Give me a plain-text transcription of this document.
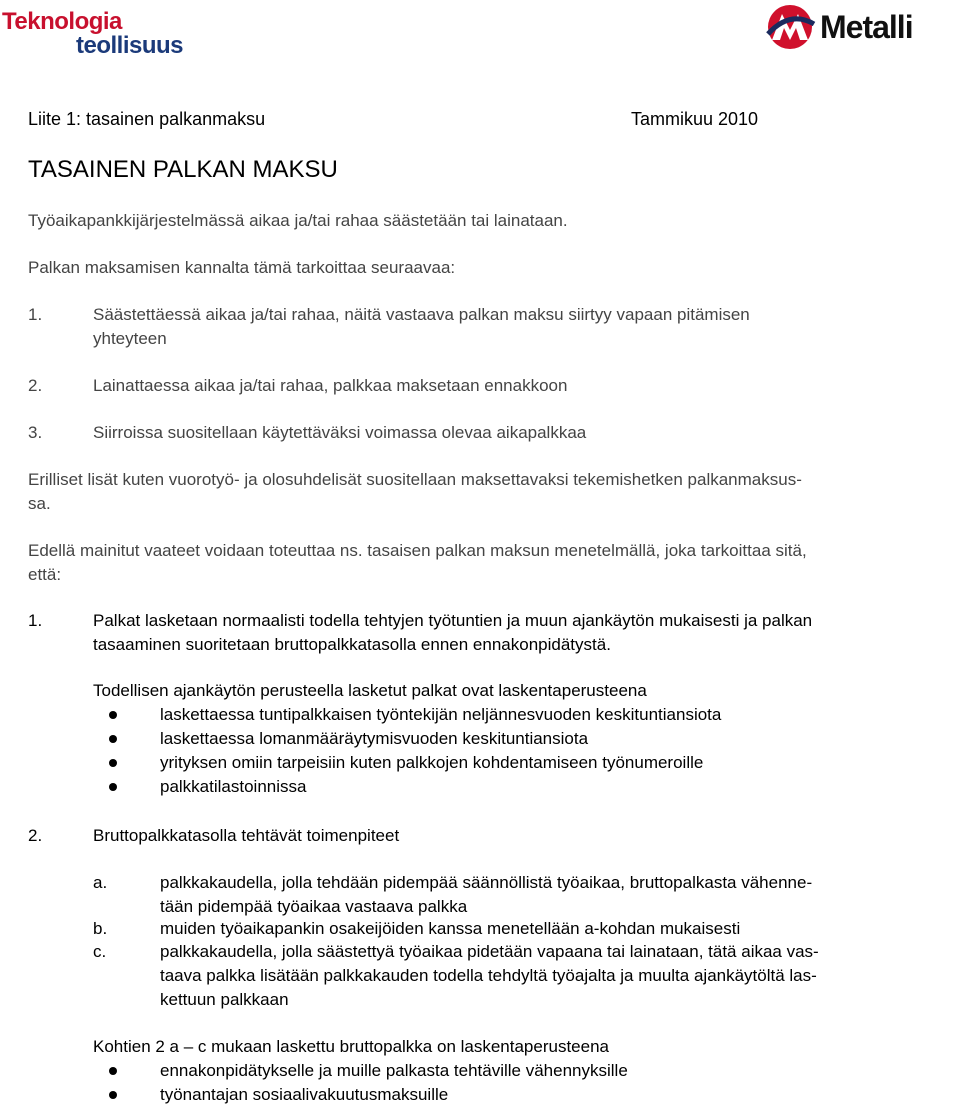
Teknologia
teollisuus
Metalli
Liite 1: tasainen palkanmaksu	Tammikuu 2010
TASAINEN PALKAN MAKSU
Työaikapankkijärjestelmässä aikaa ja/tai rahaa säästetään tai lainataan.
Palkan maksamisen kannalta tämä tarkoittaa seuraavaa:
1.	Säästettäessä aikaa ja/tai rahaa, näitä vastaava palkan maksu siirtyy vapaan pitämisen
yhteyteen
2.	Lainattaessa aikaa ja/tai rahaa, palkkaa maksetaan ennakkoon
3.	Siirroissa suositellaan käytettäväksi voimassa olevaa aikapalkkaa
Erilliset lisät kuten vuorotyö- ja olosuhdelisät suositellaan maksettavaksi tekemishetken palkanmaksus-
sa.
Edellä mainitut vaateet voidaan toteuttaa ns. tasaisen palkan maksun menetelmällä, joka tarkoittaa sitä,
että:
1.	Palkat lasketaan normaalisti todella tehtyjen työtuntien ja muun ajankäytön mukaisesti ja palkan
tasaaminen suoritetaan bruttopalkkatasolla ennen ennakonpidätystä.
Todellisen ajankäytön perusteella lasketut palkat ovat laskentaperusteena
laskettaessa tuntipalkkaisen työntekijän neljännesvuoden keskituntiansiota
laskettaessa lomanmääräytymisvuoden keskituntiansiota
yrityksen omiin tarpeisiin kuten palkkojen kohdentamiseen työnumeroille
palkkatilastoinnissa
2.	Bruttopalkkatasolla tehtävät toimenpiteet
a.	palkkakaudella, jolla tehdään pidempää säännöllistä työaikaa, bruttopalkasta vähenne-
tään pidempää työaikaa vastaava palkka
b.	muiden työaikapankin osakeijöiden kanssa menetellään a-kohdan mukaisesti
c.	palkkakaudella, jolla säästettyä työaikaa pidetään vapaana tai lainataan, tätä aikaa vas-
taava palkka lisätään palkkakauden todella tehdyltä työajalta ja muulta ajankäytöltä las-
kettuun palkkaan
Kohtien 2 a – c mukaan laskettu bruttopalkka on laskentaperusteena
ennakonpidätykselle ja muille palkasta tehtäville vähennyksille
työnantajan sosiaalivakuutusmaksuille
